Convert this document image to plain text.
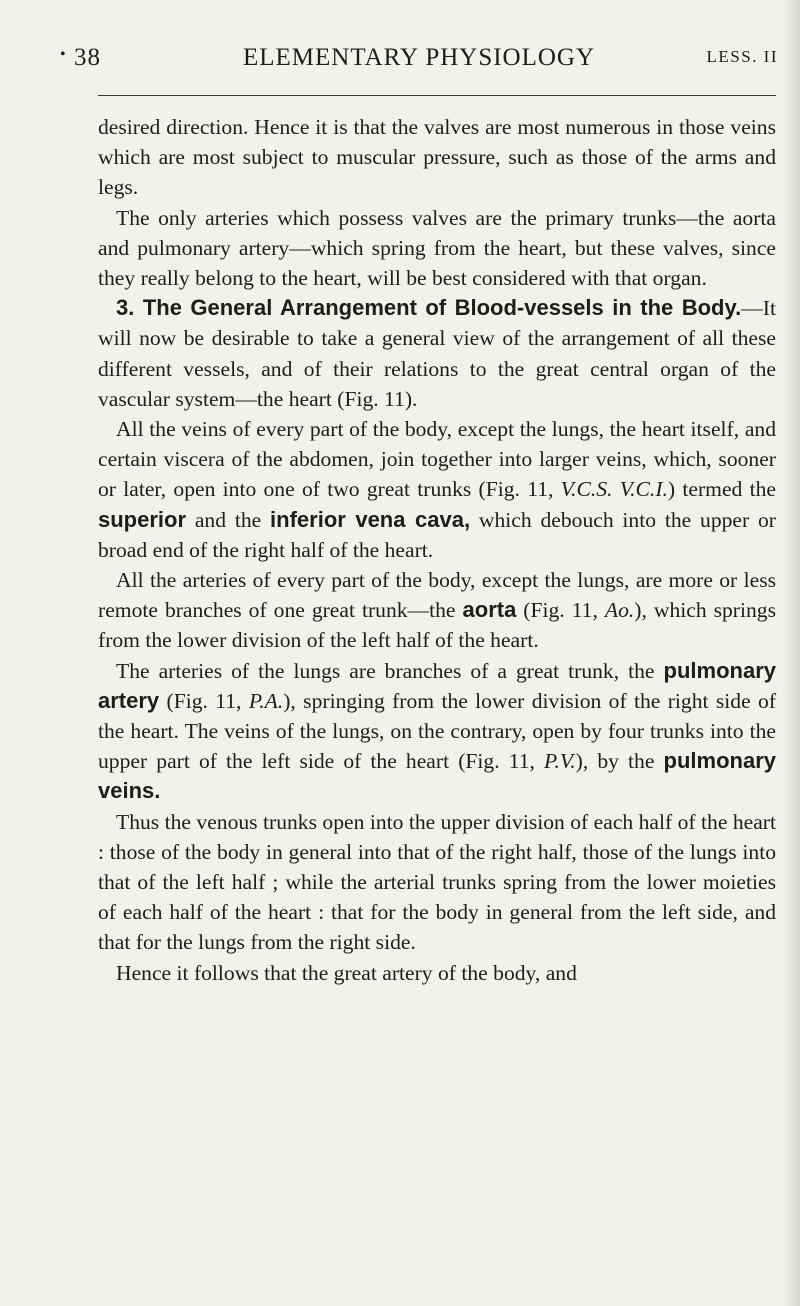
• 38	ELEMENTARY PHYSIOLOGY	LESS. II

desired direction. Hence it is that the valves are most numerous in those veins which are most subject to muscular pressure, such as those of the arms and legs.

The only arteries which possess valves are the primary trunks—the aorta and pulmonary artery—which spring from the heart, but these valves, since they really belong to the heart, will be best considered with that organ.

3. The General Arrangement of Blood-vessels in the Body.—It will now be desirable to take a general view of the arrangement of all these different vessels, and of their relations to the great central organ of the vascular system—the heart (Fig. 11).

All the veins of every part of the body, except the lungs, the heart itself, and certain viscera of the abdomen, join together into larger veins, which, sooner or later, open into one of two great trunks (Fig. 11, V.C.S. V.C.I.) termed the superior and the inferior vena cava, which debouch into the upper or broad end of the right half of the heart.

All the arteries of every part of the body, except the lungs, are more or less remote branches of one great trunk—the aorta (Fig. 11, Ao.), which springs from the lower division of the left half of the heart.

The arteries of the lungs are branches of a great trunk, the pulmonary artery (Fig. 11, P.A.), springing from the lower division of the right side of the heart. The veins of the lungs, on the contrary, open by four trunks into the upper part of the left side of the heart (Fig. 11, P.V.), by the pulmonary veins.

Thus the venous trunks open into the upper division of each half of the heart : those of the body in general into that of the right half, those of the lungs into that of the left half ; while the arterial trunks spring from the lower moieties of each half of the heart : that for the body in general from the left side, and that for the lungs from the right side.

Hence it follows that the great artery of the body, and
